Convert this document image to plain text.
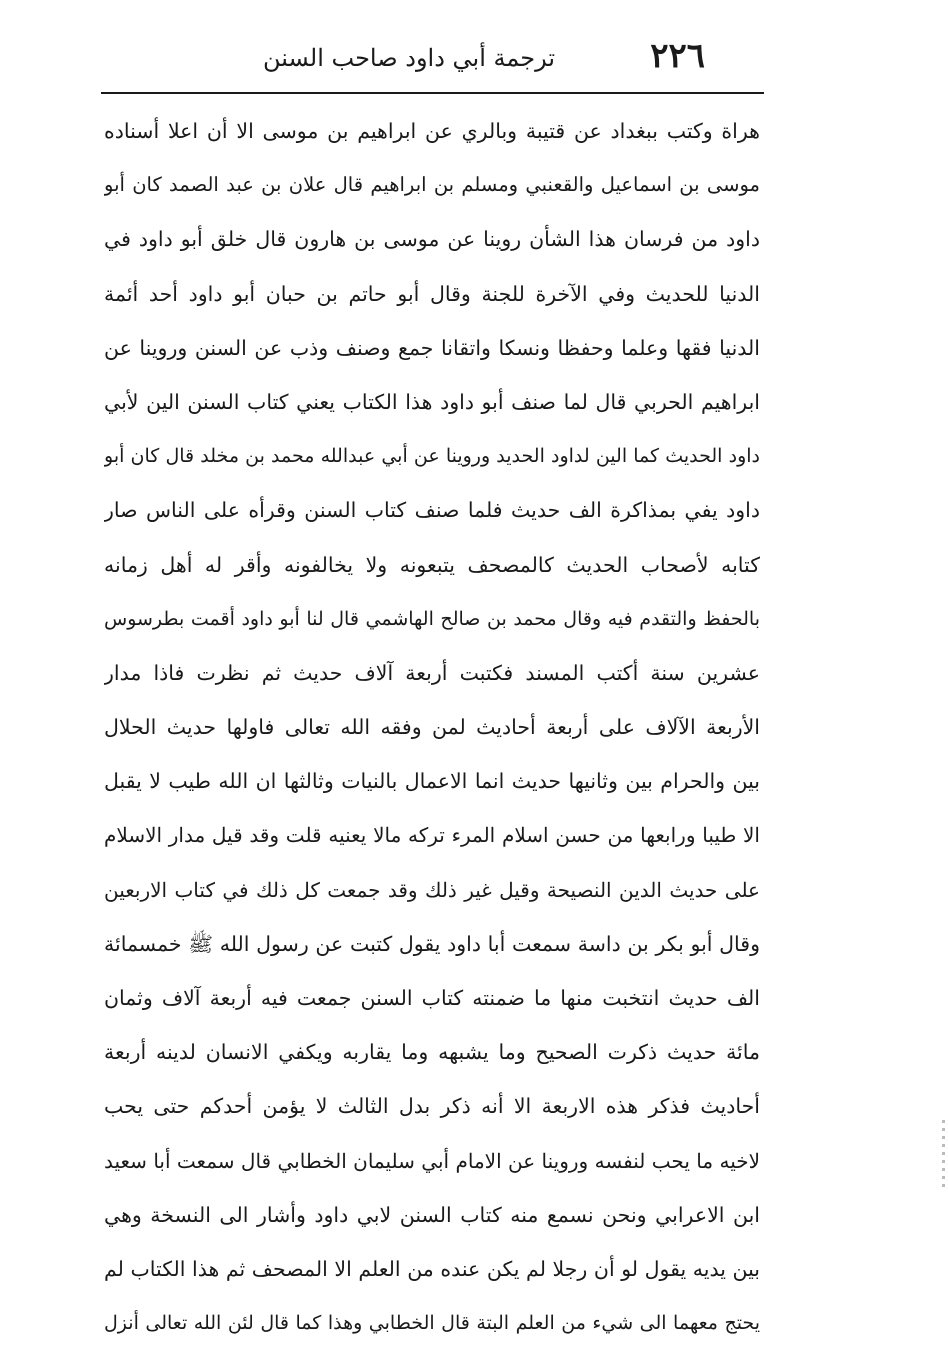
٢٢٦
ترجمة أبي داود صاحب السنن
هراة وكتب ببغداد عن قتيبة وبالري عن ابراهيم بن موسى الا أن اعلا أسناده
موسى بن اسماعيل والقعنبي ومسلم بن ابراهيم قال علان بن عبد الصمد كان أبو
داود من فرسان هذا الشأن روينا عن موسى بن هارون قال خلق أبو داود في
الدنيا للحديث وفي الآخرة للجنة وقال أبو حاتم بن حبان أبو داود أحد أئمة
الدنيا فقها وعلما وحفظا ونسكا واتقانا جمع وصنف وذب عن السنن وروينا عن
ابراهيم الحربي قال لما صنف أبو داود هذا الكتاب يعني كتاب السنن الين لأبي
داود الحديث كما الين لداود الحديد وروينا عن أبي عبدالله محمد بن مخلد قال كان أبو
داود يفي بمذاكرة الف حديث فلما صنف كتاب السنن وقرأه على الناس صار
كتابه لأصحاب الحديث كالمصحف يتبعونه ولا يخالفونه وأقر له أهل زمانه
بالحفظ والتقدم فيه وقال محمد بن صالح الهاشمي قال لنا أبو داود أقمت بطرسوس
عشرين سنة أكتب المسند فكتبت أربعة آلاف حديث ثم نظرت فاذا مدار
الأربعة الآلاف على أربعة أحاديث لمن وفقه الله تعالى فاولها حديث الحلال
بين والحرام بين وثانيها حديث انما الاعمال بالنيات وثالثها ان الله طيب لا يقبل
الا طيبا ورابعها من حسن اسلام المرء تركه مالا يعنيه قلت وقد قيل مدار الاسلام
على حديث الدين النصيحة وقيل غير ذلك وقد جمعت كل ذلك في كتاب الاربعين
وقال أبو بكر بن داسة سمعت أبا داود يقول كتبت عن رسول الله ﷺ خمسمائة
الف حديث انتخبت منها ما ضمنته كتاب السنن جمعت فيه أربعة آلاف وثمان
مائة حديث ذكرت الصحيح وما يشبهه وما يقاربه ويكفي الانسان لدينه أربعة
أحاديث فذكر هذه الاربعة الا أنه ذكر بدل الثالث لا يؤمن أحدكم حتى يحب
لاخيه ما يحب لنفسه وروينا عن الامام أبي سليمان الخطابي قال سمعت أبا سعيد
ابن الاعرابي ونحن نسمع منه كتاب السنن لابي داود وأشار الى النسخة وهي
بين يديه يقول لو أن رجلا لم يكن عنده من العلم الا المصحف ثم هذا الكتاب لم
يحتج معهما الى شيء من العلم البتة قال الخطابي وهذا كما قال لئن الله تعالى أنزل
